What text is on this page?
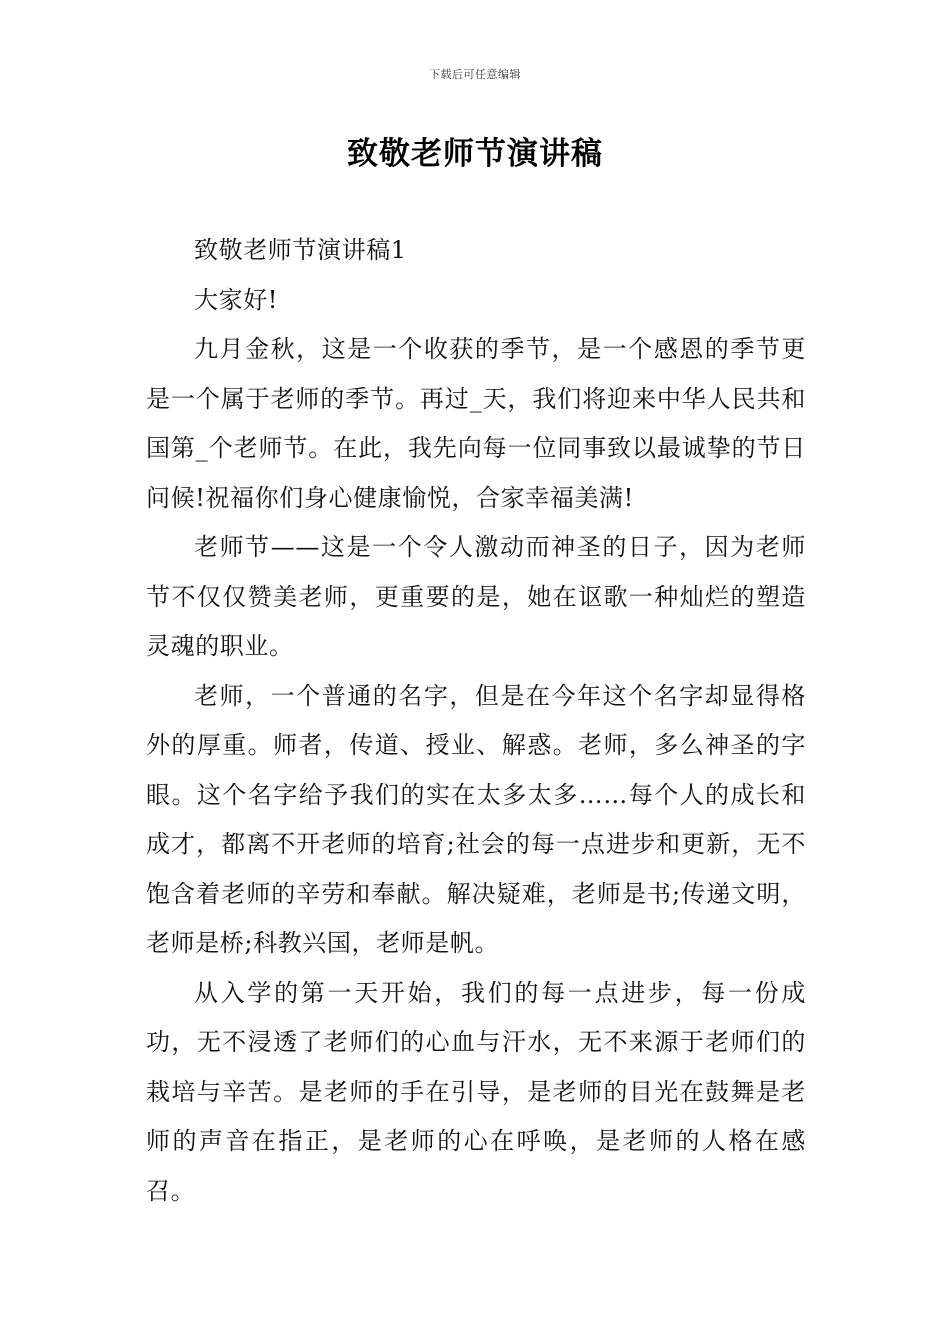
下载后可任意编辑
致敬老师节演讲稿

致敬老师节演讲稿1

大家好!

九月金秋，这是一个收获的季节，是一个感恩的季节更是一个属于老师的季节。再过_天，我们将迎来中华人民共和国第_个老师节。在此，我先向每一位同事致以最诚挚的节日问候!祝福你们身心健康愉悦，合家幸福美满!

老师节——这是一个令人激动而神圣的日子，因为老师节不仅仅赞美老师，更重要的是，她在讴歌一种灿烂的塑造灵魂的职业。

老师，一个普通的名字，但是在今年这个名字却显得格外的厚重。师者，传道、授业、解惑。老师，多么神圣的字眼。这个名字给予我们的实在太多太多……每个人的成长和成才，都离不开老师的培育;社会的每一点进步和更新，无不饱含着老师的辛劳和奉献。解决疑难，老师是书;传递文明，老师是桥;科教兴国，老师是帆。

从入学的第一天开始，我们的每一点进步，每一份成功，无不浸透了老师们的心血与汗水，无不来源于老师们的栽培与辛苦。是老师的手在引导，是老师的目光在鼓舞是老师的声音在指正，是老师的心在呼唤，是老师的人格在感召。
